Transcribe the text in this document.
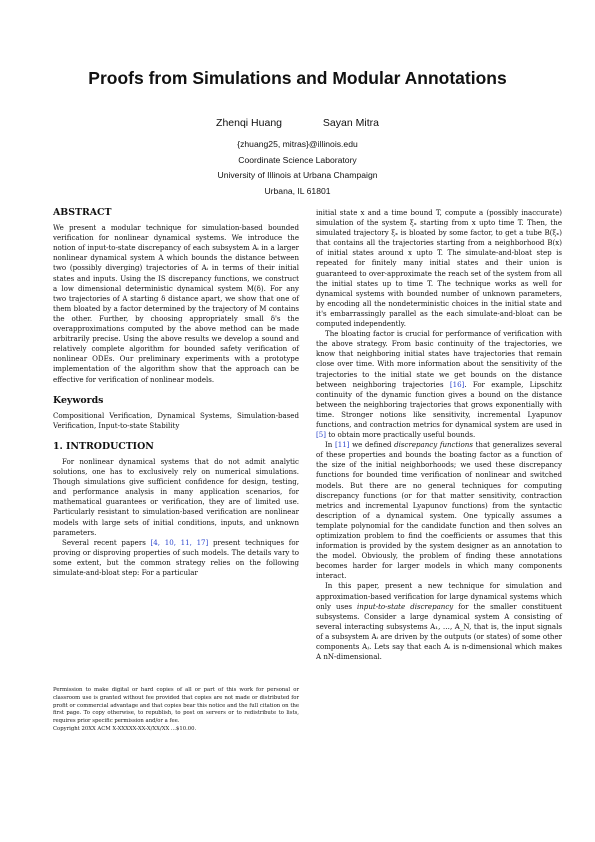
Proofs from Simulations and Modular Annotations
Zhenqi Huang	Sayan Mitra
{zhuang25, mitras}@illinois.edu
Coordinate Science Laboratory
University of Illinois at Urbana Champaign
Urbana, IL 61801
ABSTRACT

We present a modular technique for simulation-based bounded verification for nonlinear dynamical systems. We introduce the notion of input-to-state discrepancy of each subsystem Aᵢ in a larger nonlinear dynamical system A which bounds the distance between two (possibly diverging) trajectories of Aᵢ in terms of their initial states and inputs. Using the IS discrepancy functions, we construct a low dimensional deterministic dynamical system M(δ). For any two trajectories of A starting δ distance apart, we show that one of them bloated by a factor determined by the trajectory of M contains the other. Further, by choosing appropriately small δ's the overapproximations computed by the above method can be made arbitrarily precise. Using the above results we develop a sound and relatively complete algorithm for bounded safety verification of nonlinear ODEs. Our preliminary experiments with a prototype implementation of the algorithm show that the approach can be effective for verification of nonlinear models.

Keywords

Compositional Verification, Dynamical Systems, Simulation-based Verification, Input-to-state Stability

1. INTRODUCTION

For nonlinear dynamical systems that do not admit analytic solutions, one has to exclusively rely on numerical simulations. Though simulations give sufficient confidence for design, testing, and performance analysis in many application scenarios, for mathematical guarantees or verification, they are of limited use. Particularly resistant to simulation-based verification are nonlinear models with large sets of initial conditions, inputs, and unknown parameters.

Several recent papers [4, 10, 11, 17] present techniques for proving or disproving properties of such models. The details vary to some extent, but the common strategy relies on the following simulate-and-bloat step: For a particular

Permission to make digital or hard copies of all or part of this work for personal or classroom use is granted without fee provided that copies are not made or distributed for profit or commercial advantage and that copies bear this notice and the full citation on the first page. To copy otherwise, to republish, to post on servers or to redistribute to lists, requires prior specific permission and/or a fee.
Copyright 20XX ACM X-XXXXX-XX-X/XX/XX ...$10.00.

initial state x and a time bound T, compute a (possibly inaccurate) simulation of the system ξₓ starting from x upto time T. Then, the simulated trajectory ξₓ is bloated by some factor, to get a tube B(ξₓ) that contains all the trajectories starting from a neighborhood B(x) of initial states around x upto T. The simulate-and-bloat step is repeated for finitely many initial states and their union is guaranteed to over-approximate the reach set of the system from all the initial states up to time T. The technique works as well for dynamical systems with bounded number of unknown parameters, by encoding all the nondeterministic choices in the initial state and it's embarrassingly parallel as the each simulate-and-bloat can be computed independently.

The bloating factor is crucial for performance of verification with the above strategy. From basic continuity of the trajectories, we know that neighboring initial states have trajectories that remain close over time. With more information about the sensitivity of the trajectories to the initial state we get bounds on the distance between neighboring trajectories [16]. For example, Lipschitz continuity of the dynamic function gives a bound on the distance between the neighboring trajectories that grows exponentially with time. Stronger notions like sensitivity, incremental Lyapunov functions, and contraction metrics for dynamical system are used in [5] to obtain more practically useful bounds.

In [11] we defined discrepancy functions that generalizes several of these properties and bounds the boating factor as a function of the size of the initial neighborhoods; we used these discrepancy functions for bounded time verification of nonlinear and switched models. But there are no general techniques for computing discrepancy functions (or for that matter sensitivity, contraction metrics and incremental Lyapunov functions) from the syntactic description of a dynamical system. One typically assumes a template polynomial for the candidate function and then solves an optimization problem to find the coefficients or assumes that this information is provided by the system designer as an annotation to the model. Obviously, the problem of finding these annotations becomes harder for larger models in which many components interact.

In this paper, present a new technique for simulation and approximation-based verification for large dynamical systems which only uses input-to-state discrepancy for the smaller constituent subsystems. Consider a large dynamical system A consisting of several interacting subsystems A₁, …, A_N, that is, the input signals of a subsystem Aᵢ are driven by the outputs (or states) of some other components Aⱼ. Lets say that each Aᵢ is n-dimensional which makes A nN-dimensional.
